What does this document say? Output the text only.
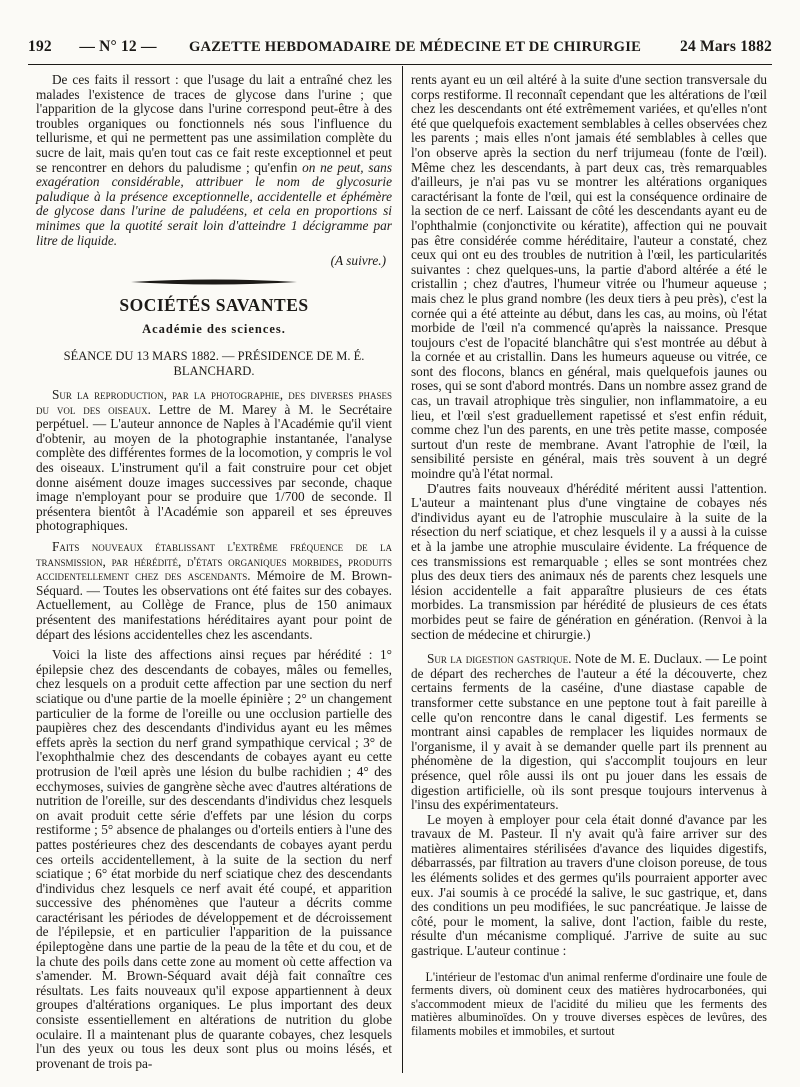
192	— N° 12 —	GAZETTE HEBDOMADAIRE DE MÉDECINE ET DE CHIRURGIE	24 Mars 1882

De ces faits il ressort : que l'usage du lait a entraîné chez les malades l'existence de traces de glycose dans l'urine ; que l'apparition de la glycose dans l'urine correspond peut-être à des troubles organiques ou fonctionnels nés sous l'influence du tellurisme, et qui ne permettent pas une assimilation complète du sucre de lait, mais qu'en tout cas ce fait reste exceptionnel et peut se rencontrer en dehors du paludisme ; qu'enfin on ne peut, sans exagération considérable, attribuer le nom de glycosurie paludique à la présence exceptionnelle, accidentelle et éphémère de glycose dans l'urine de paludéens, et cela en proportions si minimes que la quotité serait loin d'atteindre 1 décigramme par litre de liquide.

(A suivre.)
SOCIÉTÉS SAVANTES
Académie des sciences.
SÉANCE DU 13 MARS 1882. — PRÉSIDENCE DE M. É. BLANCHARD.

Sur la reproduction, par la photographie, des diverses phases du vol des oiseaux. Lettre de M. Marey à M. le Secrétaire perpétuel. — L'auteur annonce de Naples à l'Académie qu'il vient d'obtenir, au moyen de la photographie instantanée, l'analyse complète des différentes formes de la locomotion, y compris le vol des oiseaux. L'instrument qu'il a fait construire pour cet objet donne aisément douze images successives par seconde, chaque image n'employant pour se produire que 1/700 de seconde. Il présentera bientôt à l'Académie son appareil et ses épreuves photographiques.

Faits nouveaux établissant l'extrême fréquence de la transmission, par hérédité, d'états organiques morbides, produits accidentellement chez des ascendants. Mémoire de M. Brown-Séquard. — Toutes les observations ont été faites sur des cobayes. Actuellement, au Collège de France, plus de 150 animaux présentent des manifestations héréditaires ayant pour point de départ des lésions accidentelles chez les ascendants.

Voici la liste des affections ainsi reçues par hérédité : 1° épilepsie chez des descendants de cobayes, mâles ou femelles, chez lesquels on a produit cette affection par une section du nerf sciatique ou d'une partie de la moelle épinière ; 2° un changement particulier de la forme de l'oreille ou une occlusion partielle des paupières chez des descendants d'individus ayant eu les mêmes effets après la section du nerf grand sympathique cervical ; 3° de l'exophthalmie chez des descendants de cobayes ayant eu cette protrusion de l'œil après une lésion du bulbe rachidien ; 4° des ecchymoses, suivies de gangrène sèche avec d'autres altérations de nutrition de l'oreille, sur des descendants d'individus chez lesquels on avait produit cette série d'effets par une lésion du corps restiforme ; 5° absence de phalanges ou d'orteils entiers à l'une des pattes postérieures chez des descendants de cobayes ayant perdu ces orteils accidentellement, à la suite de la section du nerf sciatique ; 6° état morbide du nerf sciatique chez des descendants d'individus chez lesquels ce nerf avait été coupé, et apparition successive des phénomènes que l'auteur a décrits comme caractérisant les périodes de développement et de décroissement de l'épilepsie, et en particulier l'apparition de la puissance épileptogène dans une partie de la peau de la tête et du cou, et de la chute des poils dans cette zone au moment où cette affection va s'amender. M. Brown-Séquard avait déjà fait connaître ces résultats. Les faits nouveaux qu'il expose appartiennent à deux groupes d'altérations organiques. Le plus important des deux consiste essentiellement en altérations de nutrition du globe oculaire. Il a maintenant plus de quarante cobayes, chez lesquels l'un des yeux ou tous les deux sont plus ou moins lésés, et provenant de trois pa-

rents ayant eu un œil altéré à la suite d'une section transversale du corps restiforme. Il reconnaît cependant que les altérations de l'œil chez les descendants ont été extrêmement variées, et qu'elles n'ont été que quelquefois exactement semblables à celles observées chez les parents ; mais elles n'ont jamais été semblables à celles que l'on observe après la section du nerf trijumeau (fonte de l'œil). Même chez les descendants, à part deux cas, très remarquables d'ailleurs, je n'ai pas vu se montrer les altérations organiques caractérisant la fonte de l'œil, qui est la conséquence ordinaire de la section de ce nerf. Laissant de côté les descendants ayant eu de l'ophthalmie (conjonctivite ou kératite), affection qui ne pouvait pas être considérée comme héréditaire, l'auteur a constaté, chez ceux qui ont eu des troubles de nutrition à l'œil, les particularités suivantes : chez quelques-uns, la partie d'abord altérée a été le cristallin ; chez d'autres, l'humeur vitrée ou l'humeur aqueuse ; mais chez le plus grand nombre (les deux tiers à peu près), c'est la cornée qui a été atteinte au début, dans les cas, au moins, où l'état morbide de l'œil n'a commencé qu'après la naissance. Presque toujours c'est de l'opacité blanchâtre qui s'est montrée au début à la cornée et au cristallin. Dans les humeurs aqueuse ou vitrée, ce sont des flocons, blancs en général, mais quelquefois jaunes ou roses, qui se sont d'abord montrés. Dans un nombre assez grand de cas, un travail atrophique très singulier, non inflammatoire, a eu lieu, et l'œil s'est graduellement rapetissé et s'est enfin réduit, comme chez l'un des parents, en une très petite masse, composée surtout d'un reste de membrane. Avant l'atrophie de l'œil, la sensibilité persiste en général, mais très souvent à un degré moindre qu'à l'état normal.

D'autres faits nouveaux d'hérédité méritent aussi l'attention. L'auteur a maintenant plus d'une vingtaine de cobayes nés d'individus ayant eu de l'atrophie musculaire à la suite de la résection du nerf sciatique, et chez lesquels il y a aussi à la cuisse et à la jambe une atrophie musculaire évidente. La fréquence de ces transmissions est remarquable ; elles se sont montrées chez plus des deux tiers des animaux nés de parents chez lesquels une lésion accidentelle a fait apparaître plusieurs de ces états morbides. La transmission par hérédité de plusieurs de ces états morbides peut se faire de génération en génération. (Renvoi à la section de médecine et chirurgie.)

Sur la digestion gastrique. Note de M. E. Duclaux. — Le point de départ des recherches de l'auteur a été la découverte, chez certains ferments de la caséine, d'une diastase capable de transformer cette substance en une peptone tout à fait pareille à celle qu'on rencontre dans le canal digestif. Les ferments se montrant ainsi capables de remplacer les liquides normaux de l'organisme, il y avait à se demander quelle part ils prennent au phénomène de la digestion, qui s'accomplit toujours en leur présence, quel rôle aussi ils ont pu jouer dans les essais de digestion artificielle, où ils sont presque toujours intervenus à l'insu des expérimentateurs.

Le moyen à employer pour cela était donné d'avance par les travaux de M. Pasteur. Il n'y avait qu'à faire arriver sur des matières alimentaires stérilisées d'avance des liquides digestifs, débarrassés, par filtration au travers d'une cloison poreuse, de tous les éléments solides et des germes qu'ils pourraient apporter avec eux. J'ai soumis à ce procédé la salive, le suc gastrique, et, dans des conditions un peu modifiées, le suc pancréatique. Je laisse de côté, pour le moment, la salive, dont l'action, faible du reste, résulte d'un mécanisme compliqué. J'arrive de suite au suc gastrique. L'auteur continue :

L'intérieur de l'estomac d'un animal renferme d'ordinaire une foule de ferments divers, où dominent ceux des matières hydrocarbonées, qui s'accommodent mieux de l'acidité du milieu que les ferments des matières albuminoïdes. On y trouve diverses espèces de levûres, des filaments mobiles et immobiles, et surtout
